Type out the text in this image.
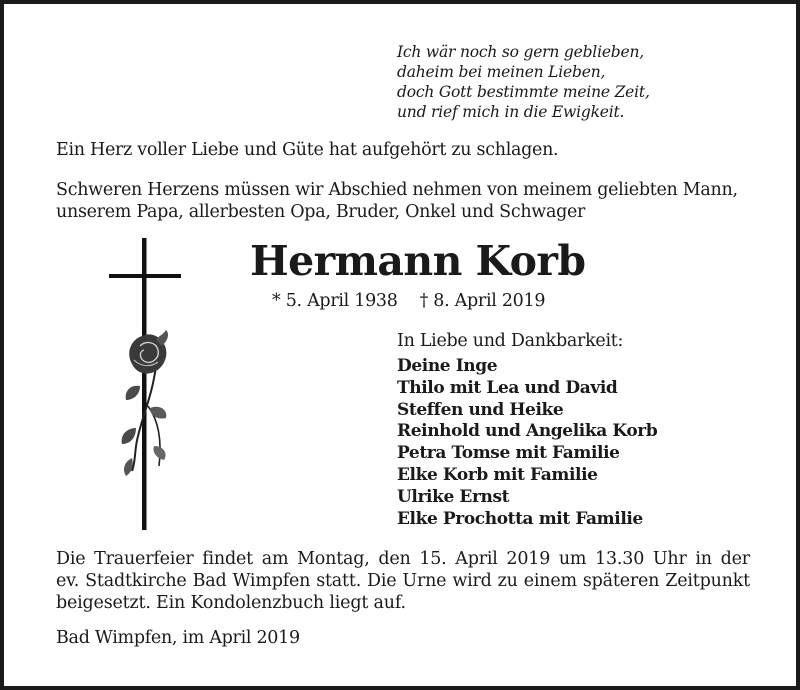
Ich wär noch so gern geblieben,
daheim bei meinen Lieben,
doch Gott bestimmte meine Zeit,
und rief mich in die Ewigkeit.
Ein Herz voller Liebe und Güte hat aufgehört zu schlagen.
Schweren Herzens müssen wir Abschied nehmen von meinem geliebten Mann,
unserem Papa, allerbesten Opa, Bruder, Onkel und Schwager
Hermann Korb
* 5. April 1938 † 8. April 2019
In Liebe und Dankbarkeit:
Deine Inge
Thilo mit Lea und David
Steffen und Heike
Reinhold und Angelika Korb
Petra Tomse mit Familie
Elke Korb mit Familie
Ulrike Ernst
Elke Prochotta mit Familie
Die Trauerfeier findet am Montag, den 15. April 2019 um 13.30 Uhr in der
ev. Stadtkirche Bad Wimpfen statt. Die Urne wird zu einem späteren Zeitpunkt
beigesetzt. Ein Kondolenzbuch liegt auf.
Bad Wimpfen, im April 2019
